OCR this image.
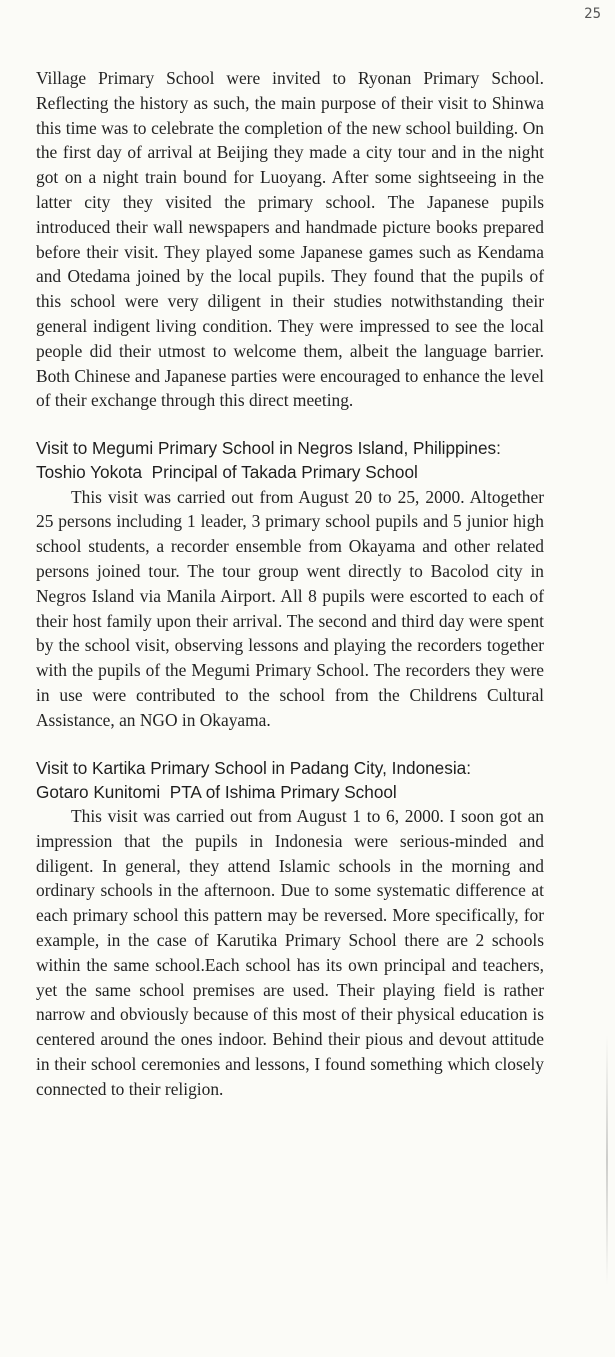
25

Village Primary School were invited to Ryonan Primary School. Reflecting the history as such, the main purpose of their visit to Shinwa this time was to celebrate the completion of the new school building. On the first day of arrival at Beijing they made a city tour and in the night got on a night train bound for Luoyang. After some sightseeing in the latter city they visited the primary school. The Japanese pupils introduced their wall newspapers and handmade picture books prepared before their visit. They played some Japanese games such as Kendama and Otedama joined by the local pupils. They found that the pupils of this school were very diligent in their studies notwithstanding their general indigent living condition. They were impressed to see the local people did their utmost to welcome them, albeit the language barrier. Both Chinese and Japanese parties were encouraged to enhance the level of their exchange through this direct meeting.

Visit to Megumi Primary School in Negros Island, Philippines:

Toshio Yokota  Principal of Takada Primary School

This visit was carried out from August 20 to 25, 2000. Altogether 25 persons including 1 leader, 3 primary school pupils and 5 junior high school students, a recorder ensemble from Okayama and other related persons joined tour. The tour group went directly to Bacolod city in Negros Island via Manila Airport. All 8 pupils were escorted to each of their host family upon their arrival. The second and third day were spent by the school visit, observing lessons and playing the recorders together with the pupils of the Megumi Primary School. The recorders they were in use were contributed to the school from the Childrens Cultural Assistance, an NGO in Okayama.

Visit to Kartika Primary School in Padang City, Indonesia:

Gotaro Kunitomi  PTA of Ishima Primary School

This visit was carried out from August 1 to 6, 2000. I soon got an impression that the pupils in Indonesia were serious-minded and diligent. In general, they attend Islamic schools in the morning and ordinary schools in the afternoon. Due to some systematic difference at each primary school this pattern may be reversed. More specifically, for example, in the case of Karutika Primary School there are 2 schools within the same school.Each school has its own principal and teachers, yet the same school premises are used. Their playing field is rather narrow and obviously because of this most of their physical education is centered around the ones indoor. Behind their pious and devout attitude in their school ceremonies and lessons, I found something which closely connected to their religion.
